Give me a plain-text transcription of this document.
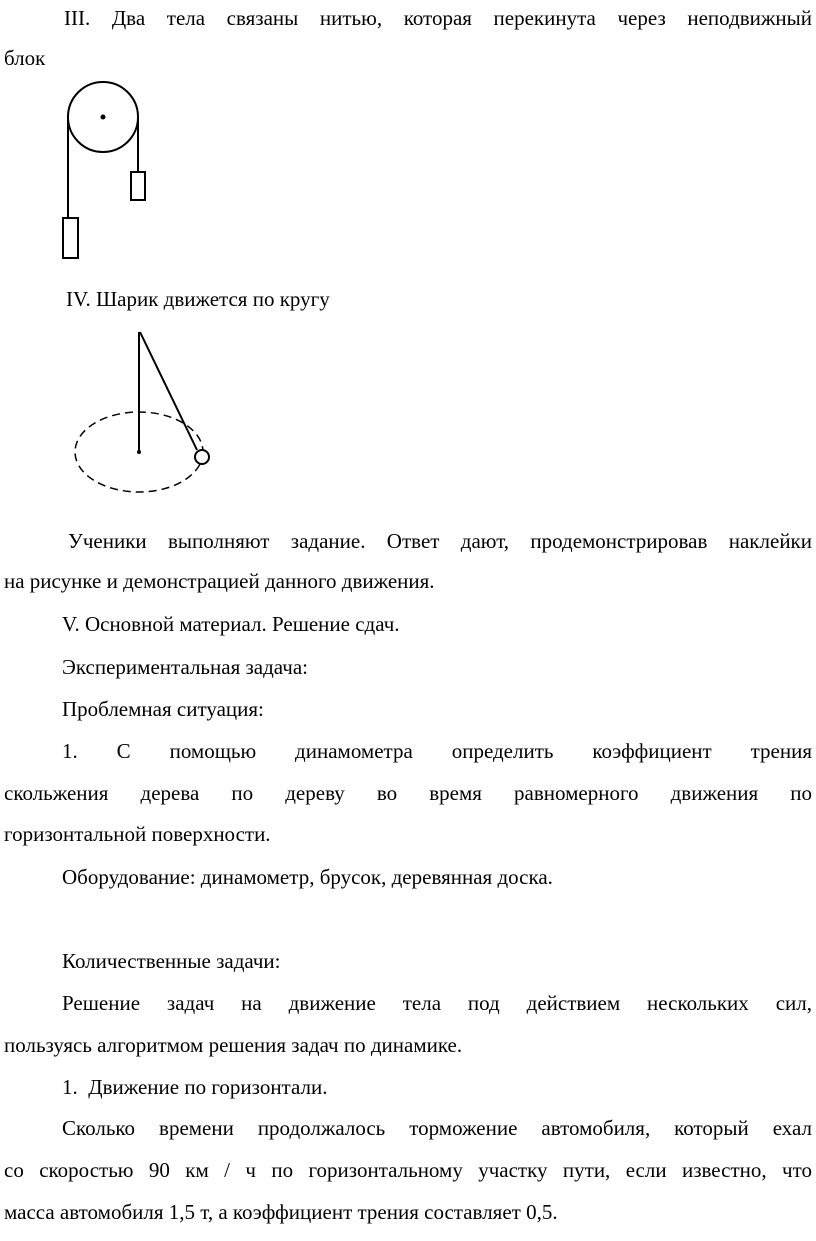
III. Два тела связаны нитью, которая перекинута через неподвижный
блок
IV. Шарик движется по кругу
Ученики выполняют задание. Ответ дают, продемонстрировав наклейки
на рисунке и демонстрацией данного движения.
V. Основной материал. Решение сдач.
Экспериментальная задача:
Проблемная ситуация:
1. С помощью динамометра определить коэффициент трения
скольжения дерева по дереву во время равномерного движения по
горизонтальной поверхности.
Оборудование: динамометр, брусок, деревянная доска.
Количественные задачи:
Решение задач на движение тела под действием нескольких сил,
пользуясь алгоритмом решения задач по динамике.
1.  Движение по горизонтали.
Сколько времени продолжалось торможение автомобиля, который ехал
со скоростью 90 км / ч по горизонтальному участку пути, если известно, что
масса автомобиля 1,5 т, а коэффициент трения составляет 0,5.
